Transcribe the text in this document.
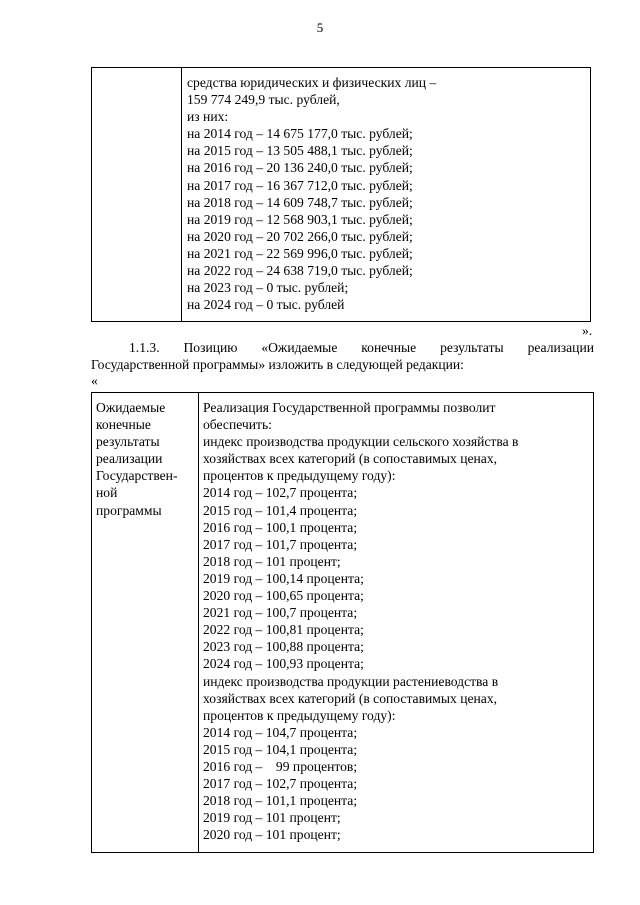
5
средства юридических и физических лиц –
159 774 249,9 тыс. рублей,
из них:
на 2014 год – 14 675 177,0 тыс. рублей;
на 2015 год – 13 505 488,1 тыс. рублей;
на 2016 год – 20 136 240,0 тыс. рублей;
на 2017 год – 16 367 712,0 тыс. рублей;
на 2018 год – 14 609 748,7 тыс. рублей;
на 2019 год – 12 568 903,1 тыс. рублей;
на 2020 год – 20 702 266,0 тыс. рублей;
на 2021 год – 22 569 996,0 тыс. рублей;
на 2022 год – 24 638 719,0 тыс. рублей;
на 2023 год – 0 тыс. рублей;
на 2024 год – 0 тыс. рублей
».
1.1.3. Позицию «Ожидаемые конечные результаты реализации
Государственной программы» изложить в следующей редакции:
«
Ожидаемые
конечные
результаты
реализации
Государствен-
ной
программы
Реализация Государственной программы позволит
обеспечить:
индекс производства продукции сельского хозяйства в
хозяйствах всех категорий (в сопоставимых ценах,
процентов к предыдущему году):
2014 год – 102,7 процента;
2015 год – 101,4 процента;
2016 год – 100,1 процента;
2017 год – 101,7 процента;
2018 год – 101 процент;
2019 год – 100,14 процента;
2020 год – 100,65 процента;
2021 год – 100,7 процента;
2022 год – 100,81 процента;
2023 год – 100,88 процента;
2024 год – 100,93 процента;
индекс производства продукции растениеводства в
хозяйствах всех категорий (в сопоставимых ценах,
процентов к предыдущему году):
2014 год – 104,7 процента;
2015 год – 104,1 процента;
2016 год –    99 процентов;
2017 год – 102,7 процента;
2018 год – 101,1 процента;
2019 год – 101 процент;
2020 год – 101 процент;
